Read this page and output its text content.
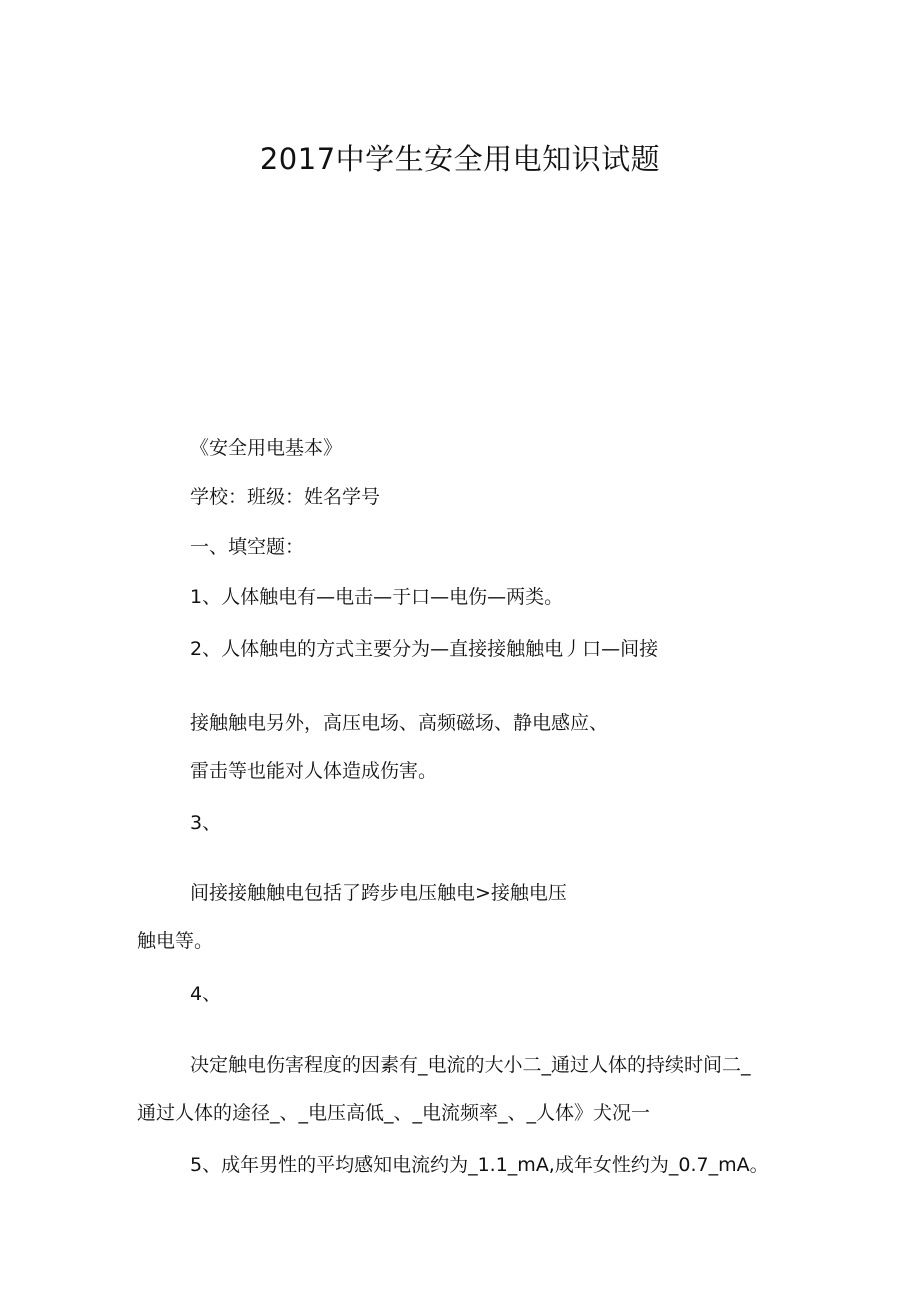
2017中学生安全用电知识试题
《安全用电基本》
学校：班级：姓名学号
一、填空题：
1、人体触电有—电击—于口—电伤—两类。
2、人体触电的方式主要分为—直接接触触电丿口—间接
接触触电另外，高压电场、高频磁场、静电感应、
雷击等也能对人体造成伤害。
3、
间接接触触电包括了跨步电压触电>接触电压
触电等。
4、
决定触电伤害程度的因素有_电流的大小二_通过人体的持续时间二_
通过人体的途径_、_电压高低_、_电流频率_、_人体》犬况一
5、成年男性的平均感知电流约为_1.1_mA,成年女性约为_0.7_mA。
